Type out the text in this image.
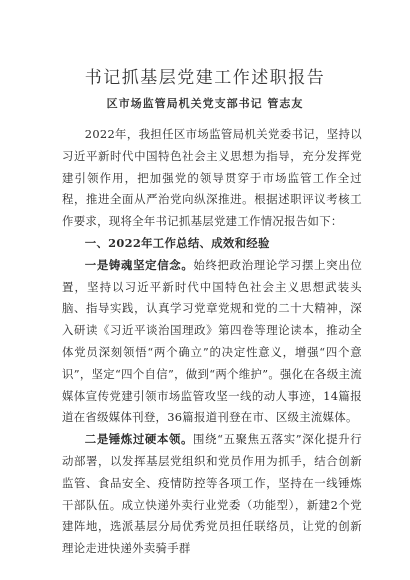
书记抓基层党建工作述职报告
区市场监管局机关党支部书记 管志友

2022年，我担任区市场监管局机关党委书记，坚持以习近平新时代中国特色社会主义思想为指导，充分发挥党建引领作用，把加强党的领导贯穿于市场监管工作全过程，推进全面从严治党向纵深推进。根据述职评议考核工作要求，现将全年书记抓基层党建工作情况报告如下：

一、2022年工作总结、成效和经验

一是铸魂坚定信念。始终把政治理论学习摆上突出位置，坚持以习近平新时代中国特色社会主义思想武装头脑、指导实践，认真学习党章党规和党的二十大精神，深入研读《习近平谈治国理政》第四卷等理论读本，推动全体党员深刻领悟“两个确立”的决定性意义，增强“四个意识”，坚定“四个自信”，做到“两个维护”。强化在各级主流媒体宣传党建引领市场监管攻坚一线的动人事迹，14篇报道在省级媒体刊登，36篇报道刊登在市、区级主流媒体。

二是锤炼过硬本领。围绕“五聚焦五落实”深化提升行动部署，以发挥基层党组织和党员作用为抓手，结合创新监管、食品安全、疫情防控等各项工作，坚持在一线锤炼干部队伍。成立快递外卖行业党委（功能型），新建2个党建阵地，选派基层分局优秀党员担任联络员，让党的创新理论走进快递外卖骑手群
